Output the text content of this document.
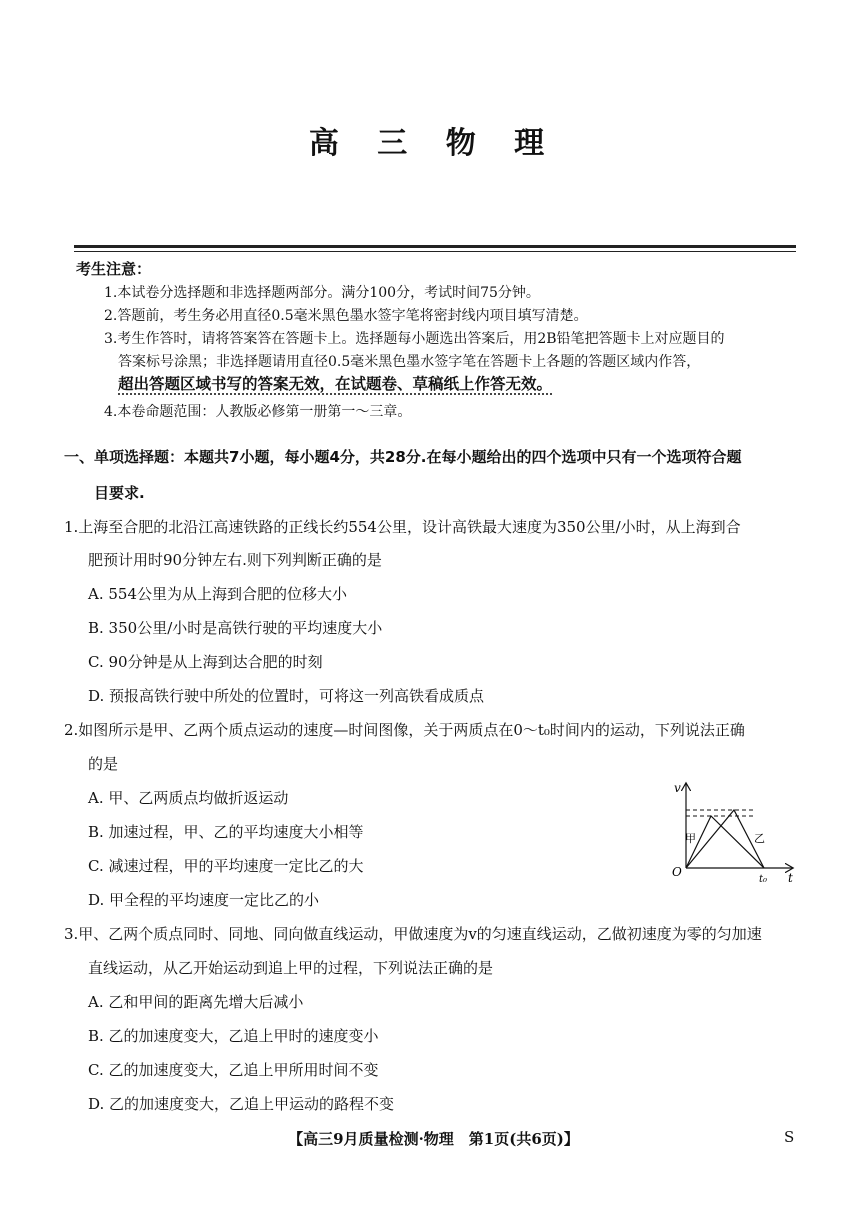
高 三 物 理
考生注意：
1.本试卷分选择题和非选择题两部分。满分100分，考试时间75分钟。
2.答题前，考生务必用直径0.5毫米黑色墨水签字笔将密封线内项目填写清楚。
3.考生作答时，请将答案答在答题卡上。选择题每小题选出答案后，用2B铅笔把答题卡上对应题目的
答案标号涂黑；非选择题请用直径0.5毫米黑色墨水签字笔在答题卡上各题的答题区域内作答，
超出答题区域书写的答案无效，在试题卷、草稿纸上作答无效。
4.本卷命题范围：人教版必修第一册第一～三章。
一、单项选择题：本题共7小题，每小题4分，共28分.在每小题给出的四个选项中只有一个选项符合题
目要求.
1.上海至合肥的北沿江高速铁路的正线长约554公里，设计高铁最大速度为350公里/小时，从上海到合
肥预计用时90分钟左右.则下列判断正确的是
A. 554公里为从上海到合肥的位移大小
B. 350公里/小时是高铁行驶的平均速度大小
C. 90分钟是从上海到达合肥的时刻
D. 预报高铁行驶中所处的位置时，可将这一列高铁看成质点
2.如图所示是甲、乙两个质点运动的速度—时间图像，关于两质点在0～t₀时间内的运动，下列说法正确
的是
A. 甲、乙两质点均做折返运动
B. 加速过程，甲、乙的平均速度大小相等
C. 减速过程，甲的平均速度一定比乙的大
D. 甲全程的平均速度一定比乙的小
v
t
O
t₀
甲	乙
3.甲、乙两个质点同时、同地、同向做直线运动，甲做速度为v的匀速直线运动，乙做初速度为零的匀加速
直线运动，从乙开始运动到追上甲的过程，下列说法正确的是
A. 乙和甲间的距离先增大后减小
B. 乙的加速度变大，乙追上甲时的速度变小
C. 乙的加速度变大，乙追上甲所用时间不变
D. 乙的加速度变大，乙追上甲运动的路程不变
【高三9月质量检测·物理　第1页(共6页)】	S
